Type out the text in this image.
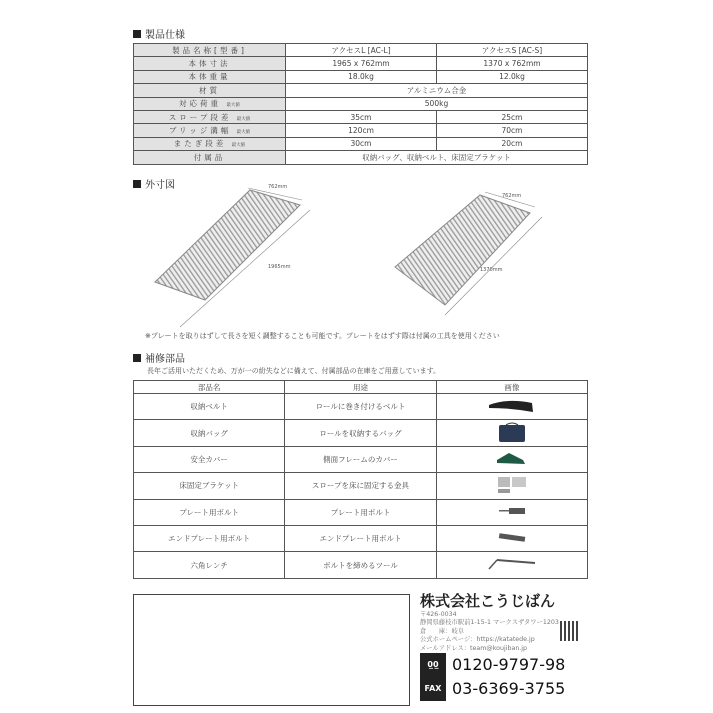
製品仕様
製品名称[型番]	アクセスL [AC-L]	アクセスS [AC-S]
本体寸法	1965 x 762mm	1370 x 762mm
本体重量	18.0kg	12.0kg
材質	アルミニウム合金	
対応荷重 最大値	500kg	
スロープ段差 最大値	35cm	25cm
ブリッジ溝幅 最大値	120cm	70cm
またぎ段差 最大値	30cm	20cm
付属品	収納バッグ、収納ベルト、床固定ブラケット	
外寸図	762mm
1965mm
762mm
1370mm
※プレートを取りはずして長さを短く調整することも可能です。プレートをはずす際は付属の工具を使用ください
補修部品
長年ご活用いただくため、万が一の紛失などに備えて、付属部品の在庫をご用意しています。
部品名	用途	画像
収納ベルト	ロールに巻き付けるベルト	
収納バッグ	ロールを収納するバッグ	
安全カバー	側面フレームのカバー	
床固定ブラケット	スロープを床に固定する金具	
プレート用ボルト	プレート用ボルト	
エンドプレート用ボルト	エンドプレート用ボルト	
六角レンチ	ボルトを締めるツール	
株式会社こうじばん
〒426-0034
静岡県藤枝市駅前1-15-1 マークスザタワー1203
倉　　庫：岐阜
公式ホームページ：https://katatede.jp
メールアドレス：team@koujiban.jp
0̲0̲ 0120-9797-98
FAX 03-6369-3755
